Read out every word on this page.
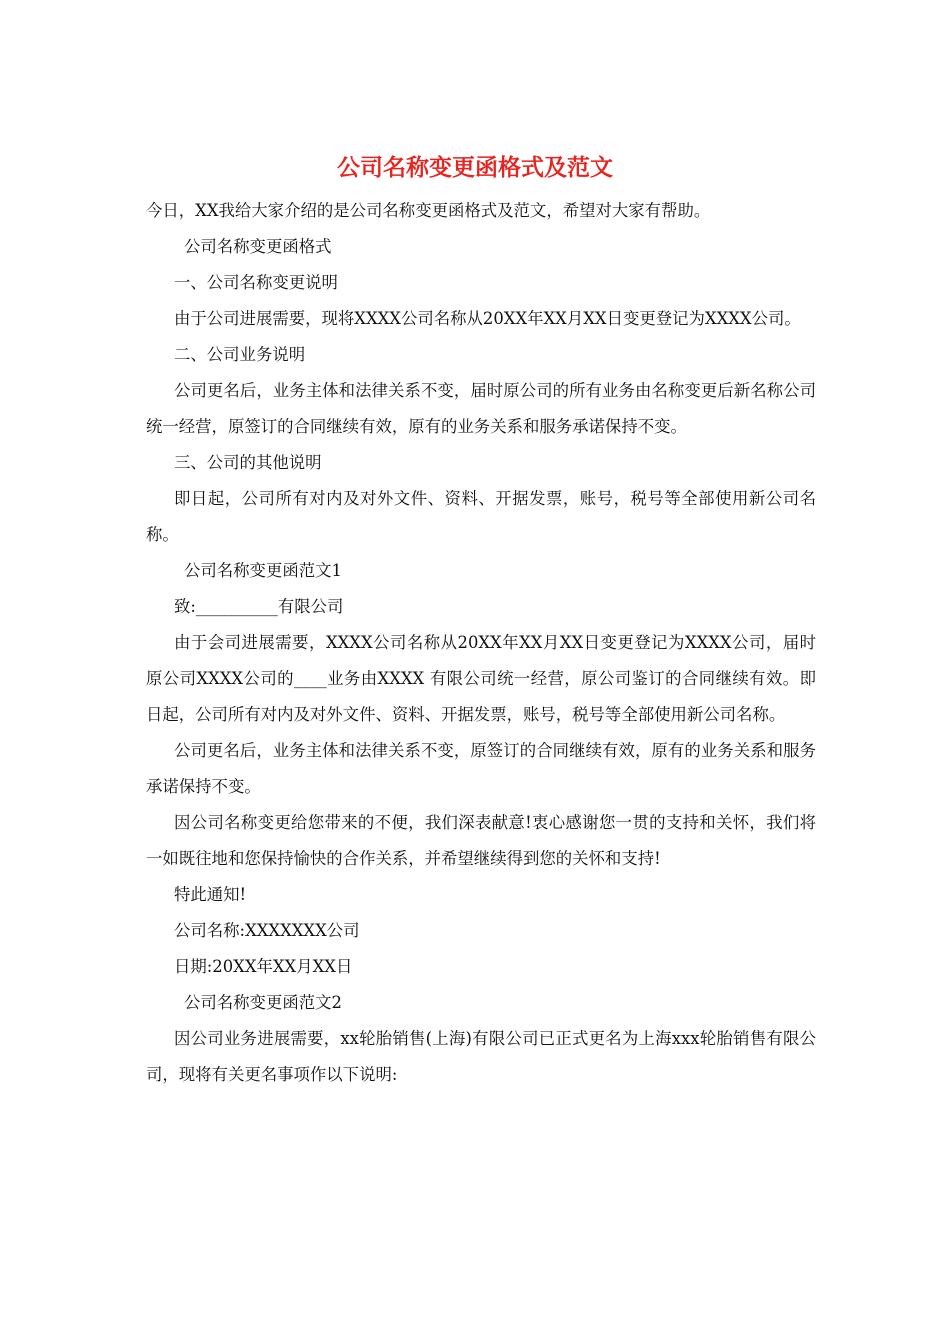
公司名称变更函格式及范文

今日，XX我给大家介绍的是公司名称变更函格式及范文，希望对大家有帮助。

公司名称变更函格式

一、公司名称变更说明

由于公司进展需要，现将XXXX公司名称从20XX年XX月XX日变更登记为XXXX公司。

二、公司业务说明

公司更名后，业务主体和法律关系不变，届时原公司的所有业务由名称变更后新名称公司统一经营，原签订的合同继续有效，原有的业务关系和服务承诺保持不变。

三、公司的其他说明

即日起，公司所有对内及对外文件、资料、开据发票，账号，税号等全部使用新公司名称。

公司名称变更函范文1

致:__________有限公司

由于会司进展需要，XXXX公司名称从20XX年XX月XX日变更登记为XXXX公司，届时原公司XXXX公司的____业务由XXXX 有限公司统一经营，原公司鉴订的合同继续有效。即日起，公司所有对内及对外文件、资料、开据发票，账号，税号等全部使用新公司名称。

公司更名后，业务主体和法律关系不变，原签订的合同继续有效，原有的业务关系和服务承诺保持不变。

因公司名称变更给您带来的不便，我们深表献意!衷心感谢您一贯的支持和关怀，我们将一如既往地和您保持愉快的合作关系，并希望继续得到您的关怀和支持!

特此通知!

公司名称:XXXXXXX公司

日期:20XX年XX月XX日

公司名称变更函范文2

因公司业务进展需要，xx轮胎销售(上海)有限公司已正式更名为上海xxx轮胎销售有限公司，现将有关更名事项作以下说明:
